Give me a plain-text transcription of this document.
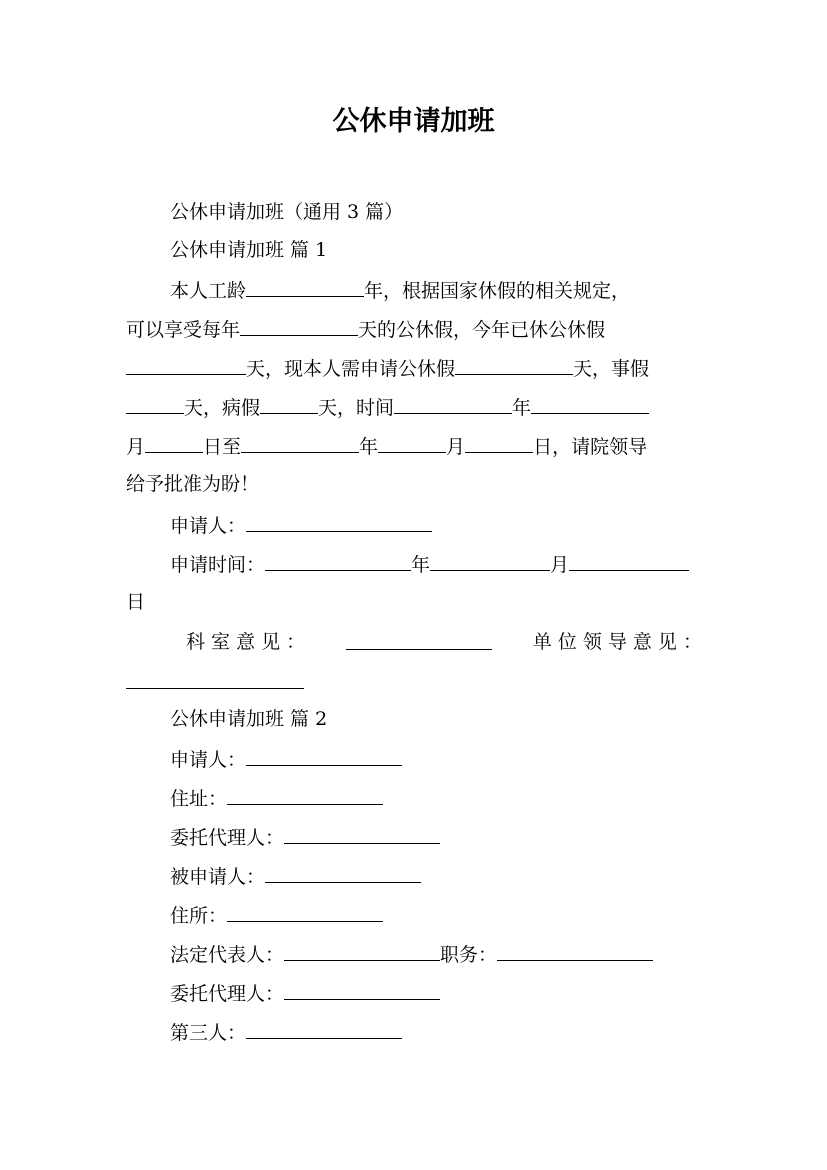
公休申请加班
公休申请加班（通用 3 篇）
公休申请加班 篇 1
本人工龄	年，根据国家休假的相关规定，
可以享受每年	天的公休假，今年已休公休假
天，现本人需申请公休假	天，事假
天，病假	天，时间	年
月	日至	年	月	日，请院领导
给予批准为盼！
申请人：
申请时间：	年	月
日
科 室 意 见 ：	单 位 领 导 意 见 ：
公休申请加班 篇 2
申请人：
住址：
委托代理人：
被申请人：
住所：
法定代表人：	职务：
委托代理人：
第三人：
